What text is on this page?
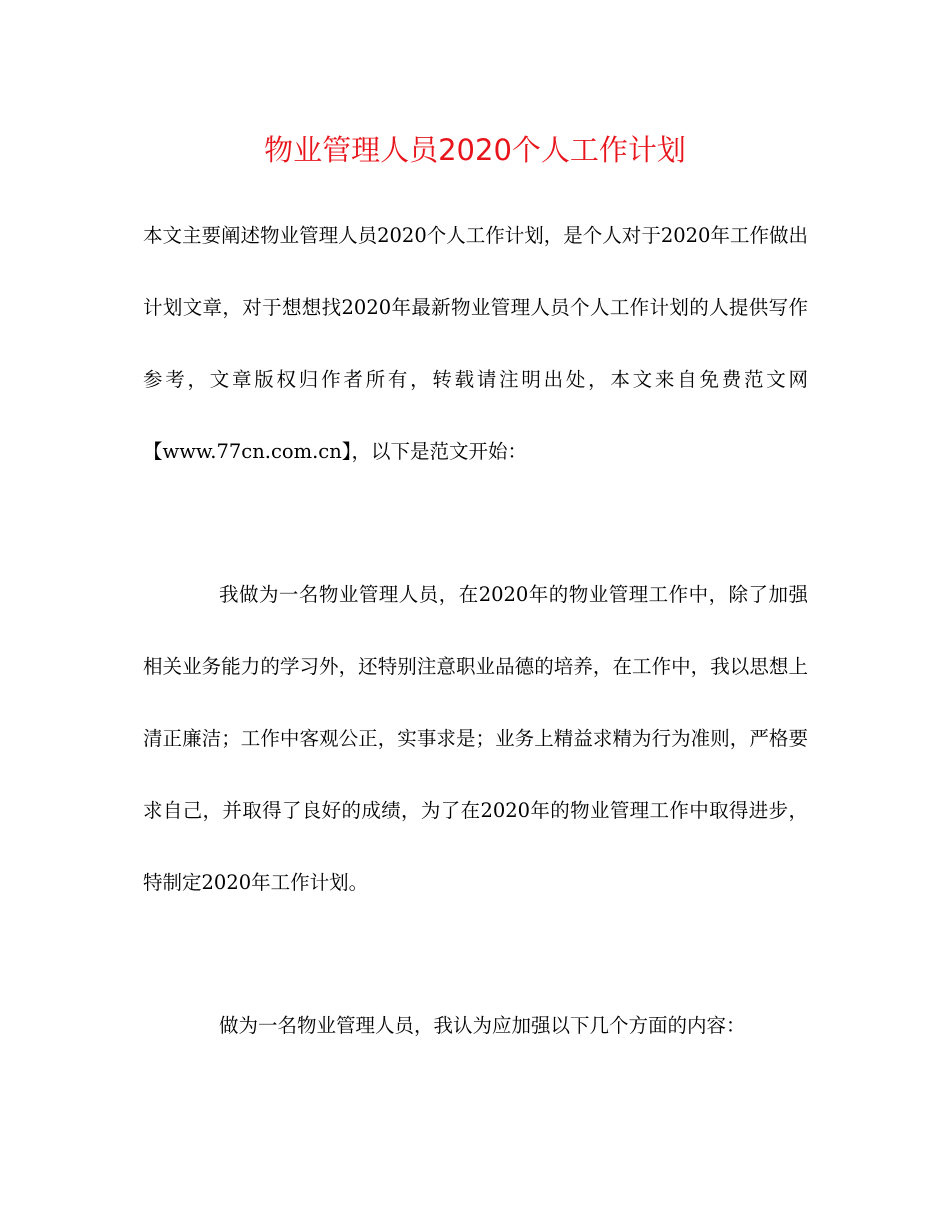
物业管理人员2020个人工作计划

本文主要阐述物业管理人员2020个人工作计划，是个人对于2020年工作做出计划文章，对于想想找2020年最新物业管理人员个人工作计划的人提供写作参考，文章版权归作者所有，转载请注明出处，本文来自免费范文网【www.77cn.com.cn】，以下是范文开始：

我做为一名物业管理人员，在2020年的物业管理工作中，除了加强相关业务能力的学习外，还特别注意职业品德的培养，在工作中，我以思想上清正廉洁；工作中客观公正，实事求是；业务上精益求精为行为准则，严格要求自己，并取得了良好的成绩，为了在2020年的物业管理工作中取得进步，特制定2020年工作计划。

做为一名物业管理人员，我认为应加强以下几个方面的内容：
